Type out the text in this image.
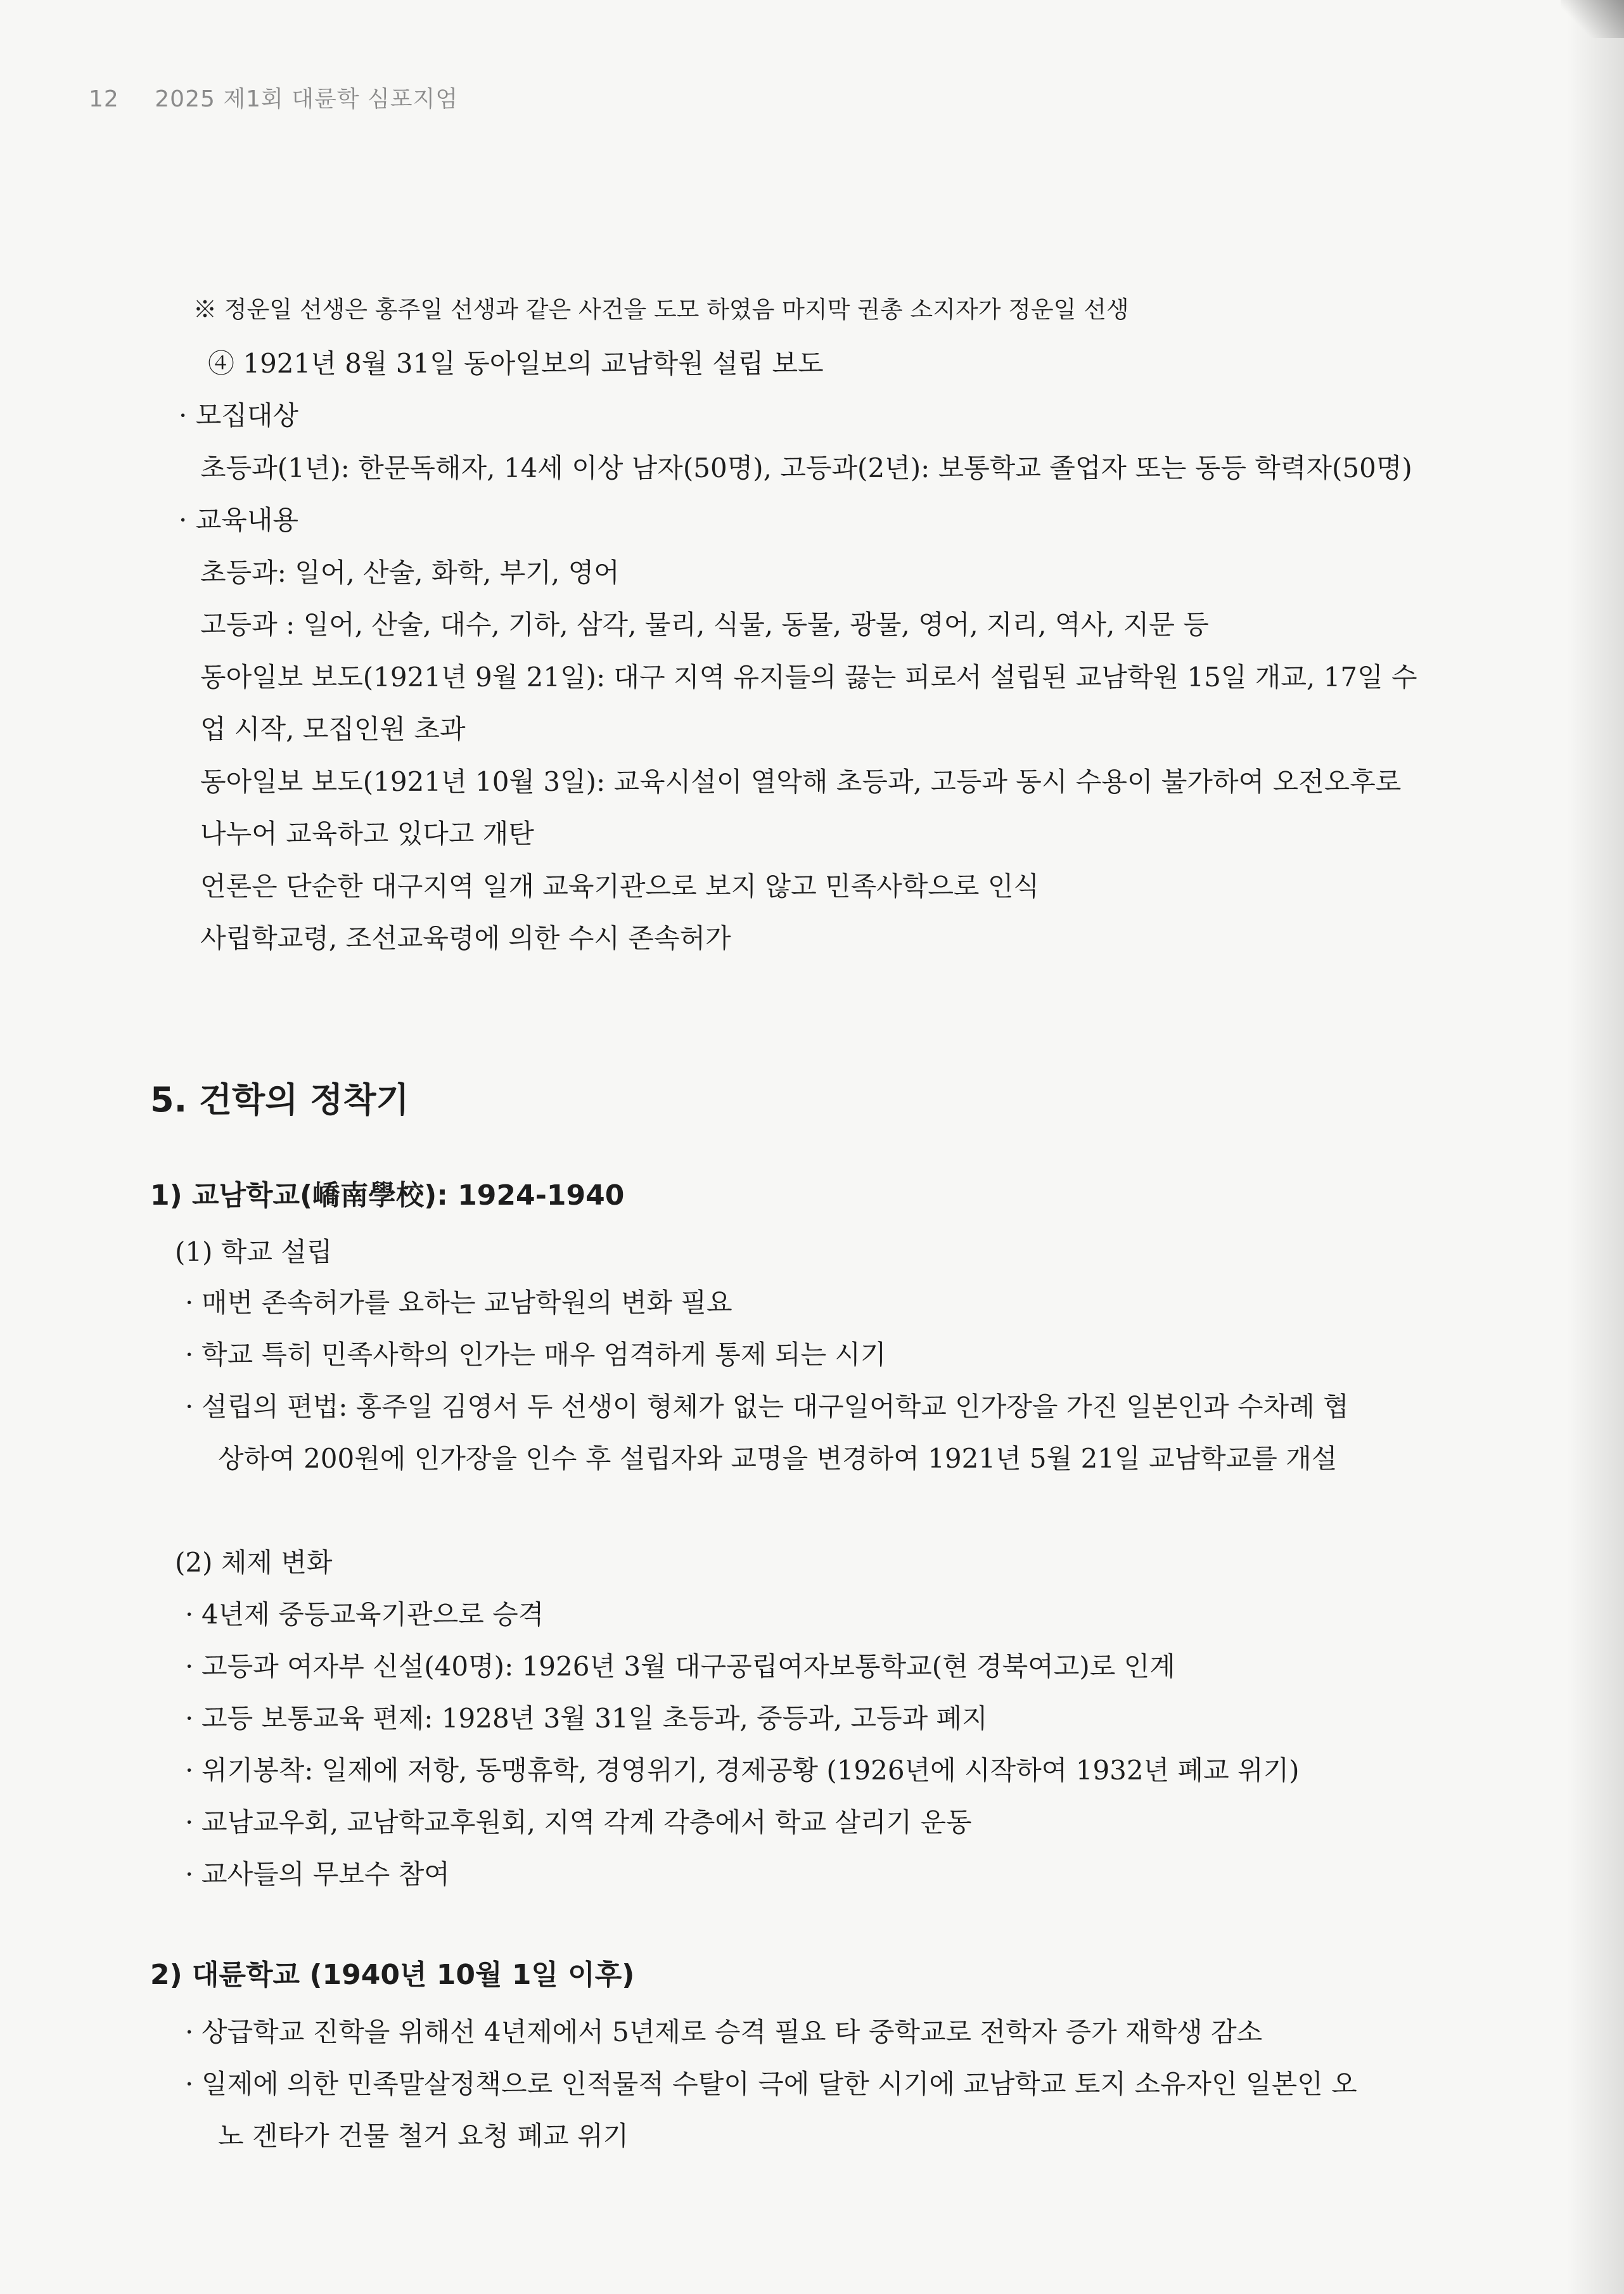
12 2025 제1회 대륜학 심포지엄
※ 정운일 선생은 홍주일 선생과 같은 사건을 도모 하였음 마지막 권총 소지자가 정운일 선생
④ 1921년 8월 31일 동아일보의 교남학원 설립 보도
· 모집대상
초등과(1년): 한문독해자, 14세 이상 남자(50명), 고등과(2년): 보통학교 졸업자 또는 동등 학력자(50명)
· 교육내용
초등과: 일어, 산술, 화학, 부기, 영어
고등과 : 일어, 산술, 대수, 기하, 삼각, 물리, 식물, 동물, 광물, 영어, 지리, 역사, 지문 등
동아일보 보도(1921년 9월 21일): 대구 지역 유지들의 끓는 피로서 설립된 교남학원 15일 개교, 17일 수
업 시작, 모집인원 초과
동아일보 보도(1921년 10월 3일): 교육시설이 열악해 초등과, 고등과 동시 수용이 불가하여 오전오후로
나누어 교육하고 있다고 개탄
언론은 단순한 대구지역 일개 교육기관으로 보지 않고 민족사학으로 인식
사립학교령, 조선교육령에 의한 수시 존속허가
5. 건학의 정착기
1) 교남학교(嶠南學校): 1924-1940
(1) 학교 설립
· 매번 존속허가를 요하는 교남학원의 변화 필요
· 학교 특히 민족사학의 인가는 매우 엄격하게 통제 되는 시기
· 설립의 편법: 홍주일 김영서 두 선생이 형체가 없는 대구일어학교 인가장을 가진 일본인과 수차례 협
상하여 200원에 인가장을 인수 후 설립자와 교명을 변경하여 1921년 5월 21일 교남학교를 개설
(2) 체제 변화
· 4년제 중등교육기관으로 승격
· 고등과 여자부 신설(40명): 1926년 3월 대구공립여자보통학교(현 경북여고)로 인계
· 고등 보통교육 편제: 1928년 3월 31일 초등과, 중등과, 고등과 폐지
· 위기봉착: 일제에 저항, 동맹휴학, 경영위기, 경제공황 (1926년에 시작하여 1932년 폐교 위기)
· 교남교우회, 교남학교후원회, 지역 각계 각층에서 학교 살리기 운동
· 교사들의 무보수 참여
2) 대륜학교 (1940년 10월 1일 이후)
· 상급학교 진학을 위해선 4년제에서 5년제로 승격 필요 타 중학교로 전학자 증가 재학생 감소
· 일제에 의한 민족말살정책으로 인적물적 수탈이 극에 달한 시기에 교남학교 토지 소유자인 일본인 오
노 겐타가 건물 철거 요청 폐교 위기
